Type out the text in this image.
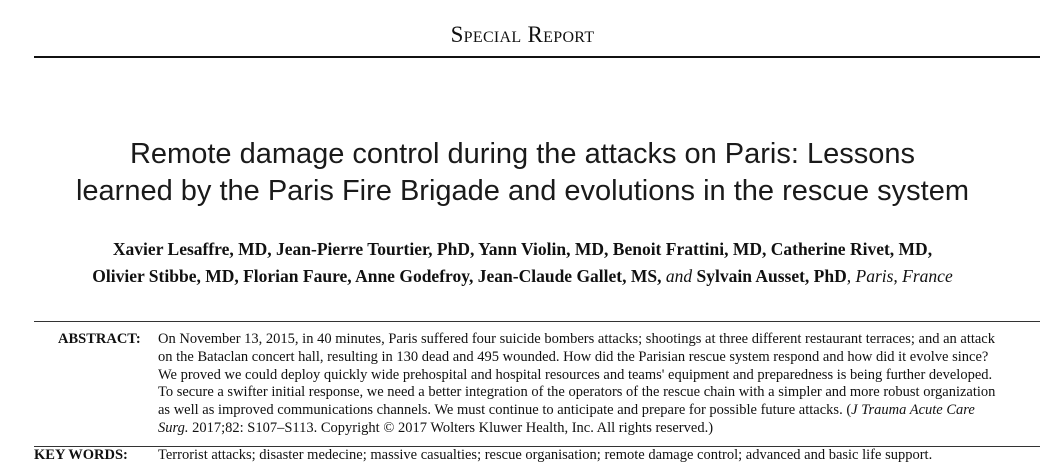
Special Report
Remote damage control during the attacks on Paris: Lessons
learned by the Paris Fire Brigade and evolutions in the rescue system
Xavier Lesaffre, MD, Jean-Pierre Tourtier, PhD, Yann Violin, MD, Benoit Frattini, MD, Catherine Rivet, MD,
Olivier Stibbe, MD, Florian Faure, Anne Godefroy, Jean-Claude Gallet, MS, and Sylvain Ausset, PhD, Paris, France
ABSTRACT: On November 13, 2015, in 40 minutes, Paris suffered four suicide bombers attacks; shootings at three different restaurant terraces; and an attack
on the Bataclan concert hall, resulting in 130 dead and 495 wounded. How did the Parisian rescue system respond and how did it evolve since?
We proved we could deploy quickly wide prehospital and hospital resources and teams' equipment and preparedness is being further developed.
To secure a swifter initial response, we need a better integration of the operators of the rescue chain with a simpler and more robust organization
as well as improved communications channels. We must continue to anticipate and prepare for possible future attacks. (J Trauma Acute Care
Surg. 2017;82: S107–S113. Copyright © 2017 Wolters Kluwer Health, Inc. All rights reserved.)
KEY WORDS: Terrorist attacks; disaster medecine; massive casualties; rescue organisation; remote damage control; advanced and basic life support.
